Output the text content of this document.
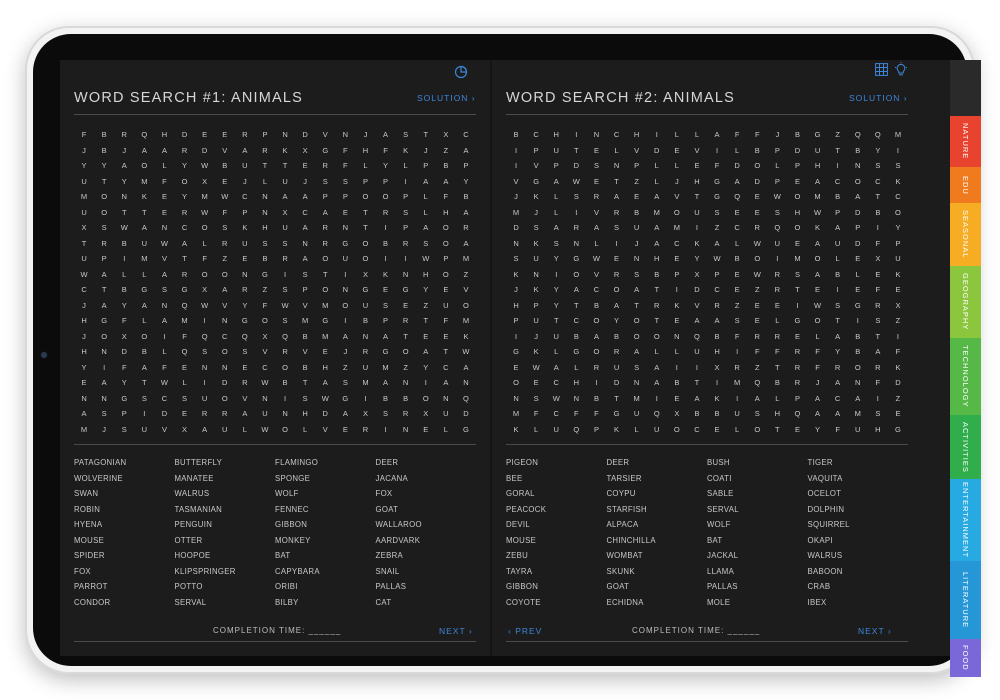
WORD SEARCH #1: ANIMALS	SOLUTION ›
F	B	R	Q	H	D	E	E	R	P	N	D	V	N	J	A	S	T	X	C
J	B	J	A	A	R	D	V	A	R	K	X	G	F	H	F	K	J	Z	A
Y	Y	A	O	L	Y	W	B	U	T	T	E	R	F	L	Y	L	P	B	P
U	T	Y	M	F	O	X	E	J	L	U	J	S	S	P	P	I	A	A	Y
M	O	N	K	E	Y	M	W	C	N	A	A	P	P	O	O	P	L	F	B
U	O	T	T	E	R	W	F	P	N	X	C	A	E	T	R	S	L	H	A
X	S	W	A	N	C	O	S	K	H	U	A	R	N	T	I	P	A	O	R
T	R	B	U	W	A	L	R	U	S	S	N	R	G	O	B	R	S	O	A
U	P	I	M	V	T	F	Z	E	B	R	A	O	U	O	I	I	W	P	M
W	A	L	L	A	R	O	O	N	G	I	S	T	I	X	K	N	H	O	Z
C	T	B	G	S	G	X	A	R	Z	S	P	O	N	G	E	G	Y	E	V
J	A	Y	A	N	Q	W	V	Y	F	W	V	M	O	U	S	E	Z	U	O
H	G	F	L	A	M	I	N	G	O	S	M	G	I	B	P	R	T	F	M
J	O	X	O	I	F	Q	C	Q	X	Q	B	M	A	N	A	T	E	E	K
H	N	D	B	L	Q	S	O	S	V	R	V	E	J	R	G	O	A	T	W
Y	I	F	A	F	E	N	N	E	C	O	B	H	Z	U	M	Z	Y	C	A
E	A	Y	T	W	L	I	D	R	W	B	T	A	S	M	A	N	I	A	N
N	N	G	S	C	S	U	O	V	N	I	S	W	G	I	B	B	O	N	Q
A	S	P	I	D	E	R	R	A	U	N	H	D	A	X	S	R	X	U	D
M	J	S	U	V	X	A	U	L	W	O	L	V	E	R	I	N	E	L	G
PATAGONIAN	BUTTERFLY	FLAMINGO	DEER
WOLVERINE	MANATEE	SPONGE	JACANA
SWAN	WALRUS	WOLF	FOX
ROBIN	TASMANIAN	FENNEC	GOAT
HYENA	PENGUIN	GIBBON	WALLAROO
MOUSE	OTTER	MONKEY	AARDVARK
SPIDER	HOOPOE	BAT	ZEBRA
FOX	KLIPSPRINGER	CAPYBARA	SNAIL
PARROT	POTTO	ORIBI	PALLAS
CONDOR	SERVAL	BILBY	CAT
COMPLETION TIME: ______	NEXT ›
WORD SEARCH #2: ANIMALS	SOLUTION ›
B	C	H	I	N	C	H	I	L	L	A	F	F	J	B	G	Z	Q	Q	M
I	P	U	T	E	L	V	D	E	V	I	L	B	P	D	U	T	B	Y	I
I	V	P	D	S	N	P	L	L	E	F	D	O	L	P	H	I	N	S	S
V	G	A	W	E	T	Z	L	J	H	G	A	D	P	E	A	C	O	C	K
J	K	L	S	R	A	E	A	V	T	G	Q	E	W	O	M	B	A	T	C
M	J	L	I	V	R	B	M	O	U	S	E	E	S	H	W	P	D	B	O
D	S	A	R	A	S	U	A	M	I	Z	C	R	Q	O	K	A	P	I	Y
N	K	S	N	L	I	J	A	C	K	A	L	W	U	E	A	U	D	F	P
S	U	Y	G	W	E	N	H	E	Y	W	B	O	I	M	O	L	E	X	U
K	N	I	O	V	R	S	B	P	X	P	E	W	R	S	A	B	L	E	K
J	K	Y	A	C	O	A	T	I	D	C	E	Z	R	T	E	I	E	F	E
H	P	Y	T	B	A	T	R	K	V	R	Z	E	E	I	W	S	G	R	X
P	U	T	C	O	Y	O	T	E	A	A	S	E	L	G	O	T	I	S	Z
I	J	U	B	A	B	O	O	N	Q	B	F	R	R	E	L	A	B	T	I
G	K	L	G	O	R	A	L	L	U	H	I	F	F	R	F	Y	B	A	F
E	W	A	L	R	U	S	A	I	I	X	R	Z	T	R	F	R	O	R	K
O	E	C	H	I	D	N	A	B	T	I	M	Q	B	R	J	A	N	F	D
N	S	W	N	B	T	M	I	E	A	K	I	A	L	P	A	C	A	I	Z
M	F	C	F	F	G	U	Q	X	B	B	U	S	H	Q	A	A	M	S	E
K	L	U	Q	P	K	L	U	O	C	E	L	O	T	E	Y	F	U	H	G
PIGEON	DEER	BUSH	TIGER
BEE	TARSIER	COATI	VAQUITA
GORAL	COYPU	SABLE	OCELOT
PEACOCK	STARFISH	SERVAL	DOLPHIN
DEVIL	ALPACA	WOLF	SQUIRREL
MOUSE	CHINCHILLA	BAT	OKAPI
ZEBU	WOMBAT	JACKAL	WALRUS
TAYRA	SKUNK	LLAMA	BABOON
GIBBON	GOAT	PALLAS	CRAB
COYOTE	ECHIDNA	MOLE	IBEX
‹ PREV	COMPLETION TIME: ______	NEXT ›
NATURE
EDU
SEASONAL
GEOGRAPHY
TECHNOLOGY
ACTIVITIES
ENTERTAINMENT
LITERATURE
FOOD
